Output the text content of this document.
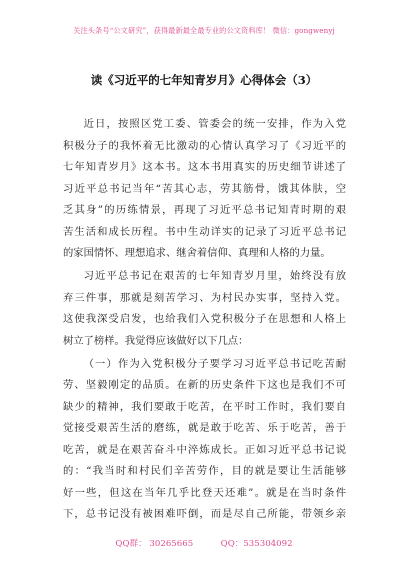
关注头条号“公文研究”，获得最新最全最专业的公文资料库！ 微信：gongwenyj
读《习近平的七年知青岁月》心得体会（3）
近日，按照区党工委、管委会的统一安排，作为入党
积极分子的我怀着无比激动的心情认真学习了《习近平的
七年知青岁月》这本书。这本书用真实的历史细节讲述了
习近平总书记当年“苦其心志，劳其筋骨，饿其体肤，空
乏其身”的历练情景，再现了习近平总书记知青时期的艰
苦生活和成长历程。书中生动详实的记录了习近平总书记
的家国情怀、理想追求、继舍着信仰、真理和人格的力量。
习近平总书记在艰苦的七年知青岁月里，始终没有放
弃三件事，那就是刻苦学习、为村民办实事，坚持入党。
这使我深受启发，也给我们入党积极分子在思想和人格上
树立了榜样。我觉得应该做好以下几点：
（一）作为入党积极分子要学习习近平总书记吃苦耐
劳、坚毅刚定的品质。在新的历史条件下这也是我们不可
缺少的精神，我们要敢于吃苦，在平时工作时，我们要自
觉接受艰苦生活的磨练，就是敢于吃苦、乐于吃苦，善于
吃苦，就是在艰苦奋斗中淬炼成长。正如习近平总书记说
的：“我当时和村民们辛苦劳作，目的就是要让生活能够
好一些，但这在当年几乎比登天还难”。就是在当时条件
下，总书记没有被困难吓倒，而是尽自己所能，带领乡亲
QQ群： 30265665	QQ：535304092
